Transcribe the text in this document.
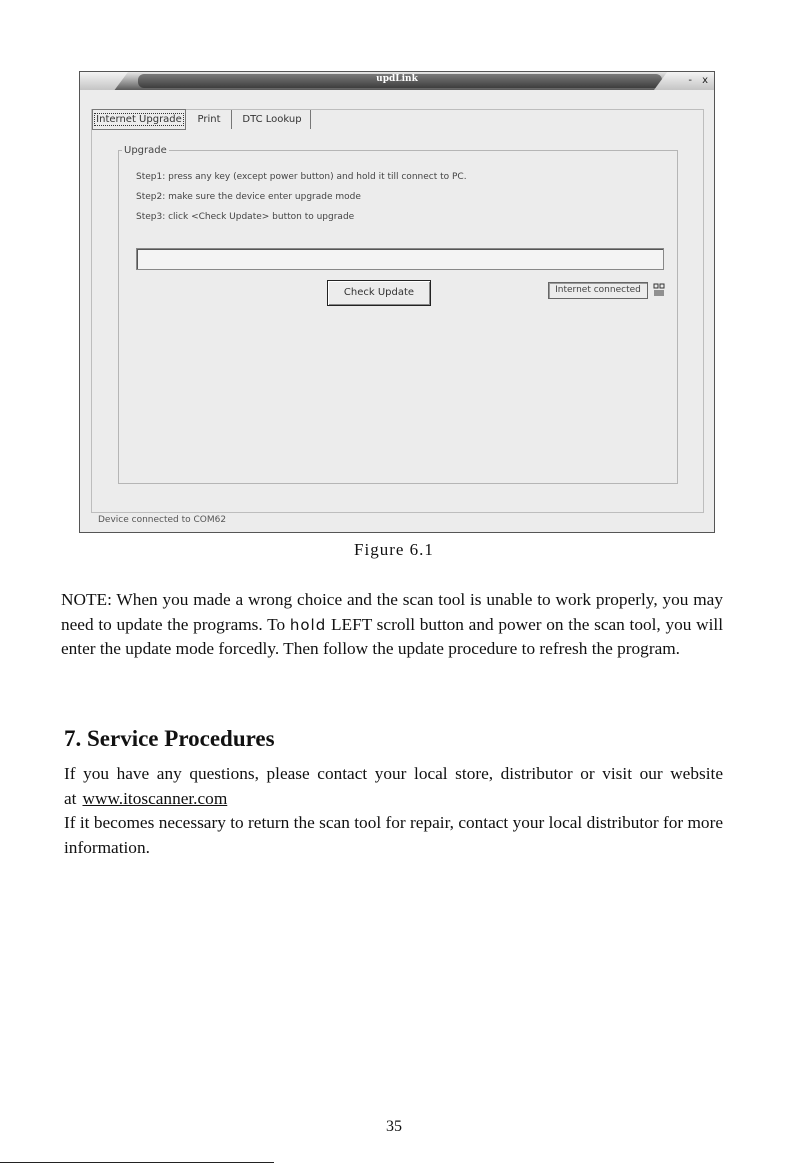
updLink	- x
Internet Upgrade	Print	DTC Lookup
Upgrade
Step1: press any key (except power button) and hold it till connect to PC.
Step2: make sure the device enter upgrade mode
Step3: click <Check Update> button to upgrade
Check Update	Internet connected
Device connected to COM62
Figure 6.1
NOTE: When you made a wrong choice and the scan tool is unable to work properly, you may need to update the programs. To hold LEFT scroll button and power on the scan tool, you will enter the update mode forcedly. Then follow the update procedure to refresh the program.
7. Service Procedures

If you have any questions, please contact your local store, distributor or visit our website at www.itoscanner.com

If it becomes necessary to return the scan tool for repair, contact your local distributor for more information.

35
